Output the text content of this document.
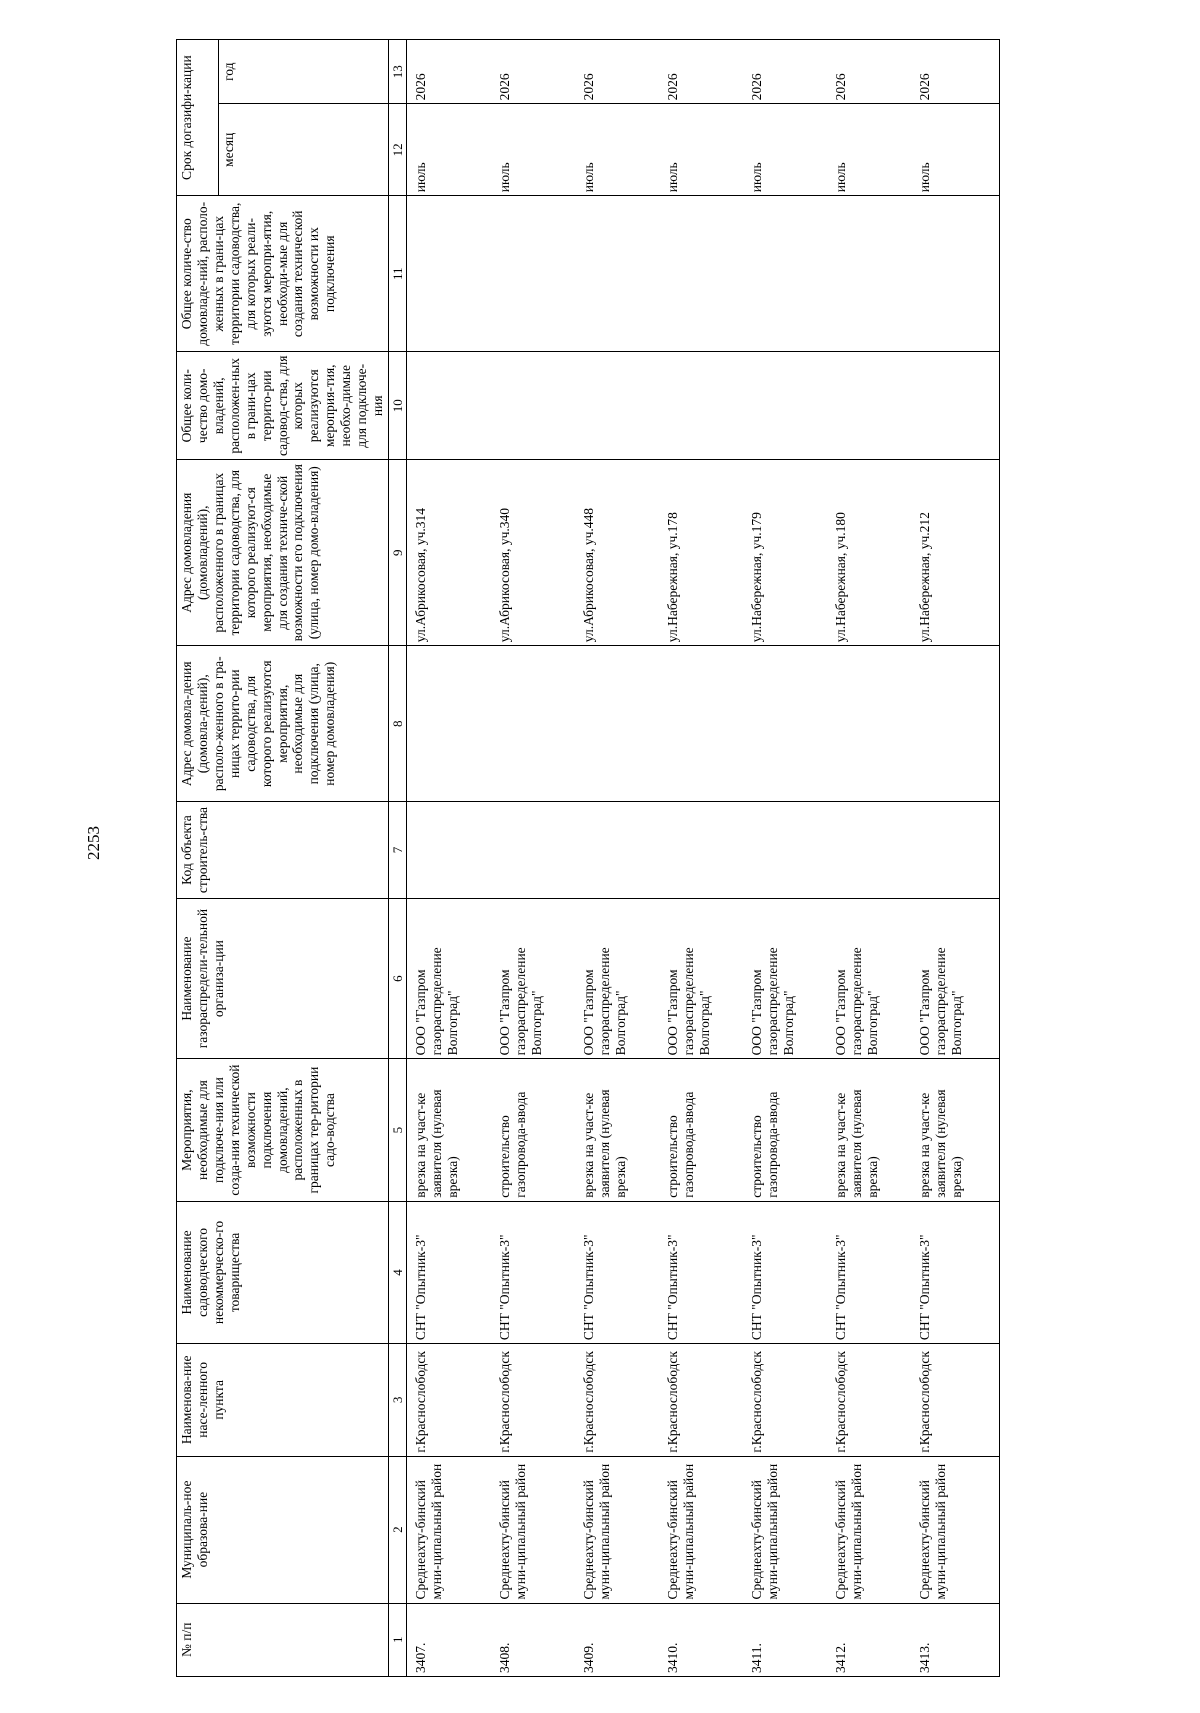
2253
№ п/п	Муниципаль-ное образова-ние	Наименова-ние насе-ленного пункта	Наименование садоводческого некоммерческо-го товарищества	Мероприятия, необходимые для подключе-ния или созда-ния технической возможности подключения домовладений, расположенных в границах тер-ритории садо-водства	Наименование газораспредели-тельной организа-ции	Код объекта строитель-ства	Адрес домовла-дения (домовла-дений), располо-женного в гра-ницах террито-рии садоводства, для которого реализуются мероприятия, необходимые для подключения (улица, номер домовладения)	Адрес домовладения (домовладений), расположенного в границах территории садоводства, для которого реализуют-ся мероприятия, необходимые для создания техниче-ской возможности его подключения (улица, номер домо-владения)	Общее коли-чество домо-владений, расположен-ных в грани-цах террито-рии садовод-ства, для которых реализуются мероприя-тия, необхо-димые для подключе-ния	Общее количе-ство домовладе-ний, располо-женных в грани-цах территории садоводства, для которых реали-зуются меропри-ятия, необходи-мые для создания технической возможности их подключения	Срок догазифи-кации	
											месяц	год
1	2	3	4	5	6	7	8	9	10	11	12	13

3407.	Среднеахту-бинский муни-ципальный район	г.Краснослободск	СНТ "Опытник-3"	врезка на участ-ке заявителя (нулевая врезка)	ООО "Газпром газораспределение Волгоград"			ул.Абрикосовая, уч.314			июль	2026
3408.	Среднеахту-бинский муни-ципальный район	г.Краснослободск	СНТ "Опытник-3"	строительство газопровода-ввода	ООО "Газпром газораспределение Волгоград"			ул.Абрикосовая, уч.340			июль	2026
3409.	Среднеахту-бинский муни-ципальный район	г.Краснослободск	СНТ "Опытник-3"	врезка на участ-ке заявителя (нулевая врезка)	ООО "Газпром газораспределение Волгоград"			ул.Абрикосовая, уч.448			июль	2026
3410.	Среднеахту-бинский муни-ципальный район	г.Краснослободск	СНТ "Опытник-3"	строительство газопровода-ввода	ООО "Газпром газораспределение Волгоград"			ул.Набережная, уч.178			июль	2026
3411.	Среднеахту-бинский муни-ципальный район	г.Краснослободск	СНТ "Опытник-3"	строительство газопровода-ввода	ООО "Газпром газораспределение Волгоград"			ул.Набережная, уч.179			июль	2026
3412.	Среднеахту-бинский муни-ципальный район	г.Краснослободск	СНТ "Опытник-3"	врезка на участ-ке заявителя (нулевая врезка)	ООО "Газпром газораспределение Волгоград"			ул.Набережная, уч.180			июль	2026
3413.	Среднеахту-бинский муни-ципальный район	г.Краснослободск	СНТ "Опытник-3"	врезка на участ-ке заявителя (нулевая врезка)	ООО "Газпром газораспределение Волгоград"			ул.Набережная, уч.212			июль	2026
